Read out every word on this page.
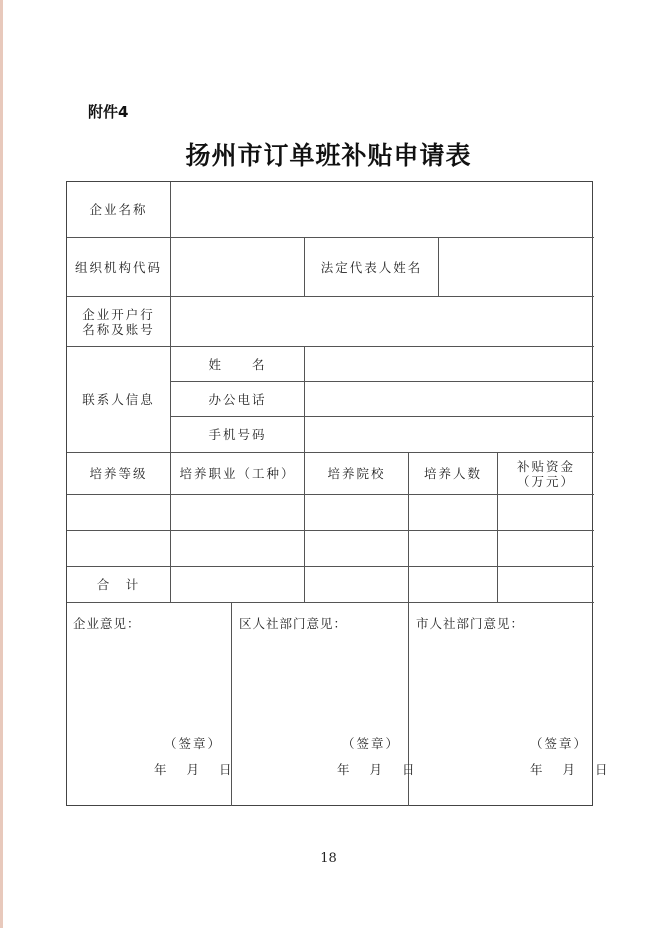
附件4
扬州市订单班补贴申请表
企业名称
组织机构代码	法定代表人姓名
企业开户行
名称及账号
联系人信息
姓　　名
办公电话
手机号码
培养等级	培养职业（工种）	培养院校	培养人数	补贴资金
（万元）
合　计
企业意见：
（签章）
年 月 日
区人社部门意见：
（签章）
年 月 日
市人社部门意见：
（签章）
年 月 日
18
